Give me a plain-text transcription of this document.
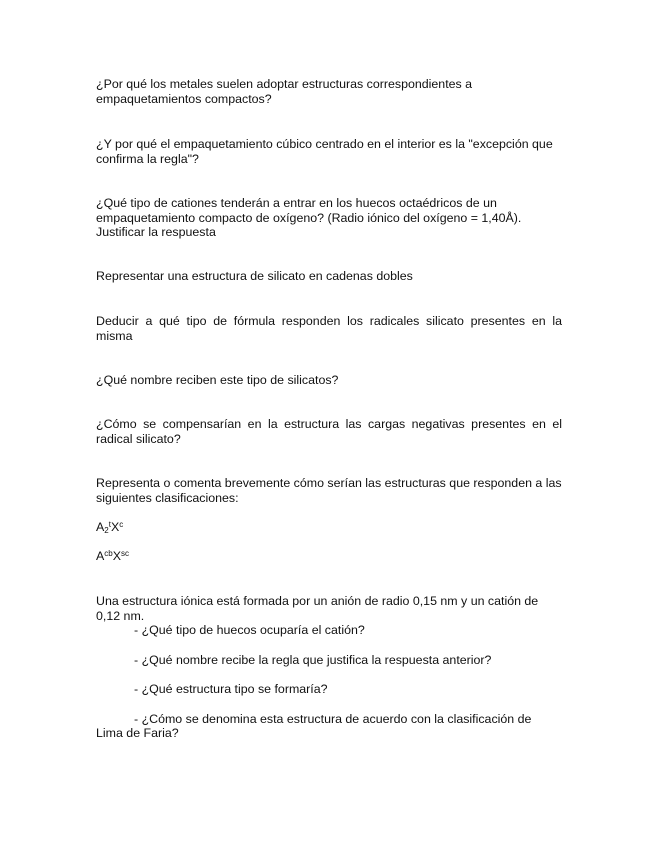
¿Por qué los metales suelen adoptar estructuras correspondientes a empaquetamientos compactos?

¿Y por qué el empaquetamiento cúbico centrado en el interior es la "excepción que confirma la regla"?

¿Qué tipo de cationes tenderán a entrar en los huecos octaédricos de un empaquetamiento compacto de oxígeno? (Radio iónico del oxígeno = 1,40Å). Justificar la respuesta

Representar una estructura de silicato en cadenas dobles

Deducir a qué tipo de fórmula responden los radicales silicato presentes en la misma

¿Qué nombre reciben este tipo de silicatos?

¿Cómo se compensarían en la estructura las cargas negativas presentes en el radical silicato?

Representa o comenta brevemente cómo serían las estructuras que responden a las siguientes clasificaciones:

$A_2^tX^c$

$A^{cb}X^{sc}$

Una estructura iónica está formada por un anión de radio 0,15 nm y un catión de 0,12 nm.

- ¿Qué tipo de huecos ocuparía el catión?

- ¿Qué nombre recibe la regla que justifica la respuesta anterior?

- ¿Qué estructura tipo se formaría?

- ¿Cómo se denomina esta estructura de acuerdo con la clasificación de

Lima de Faria?
